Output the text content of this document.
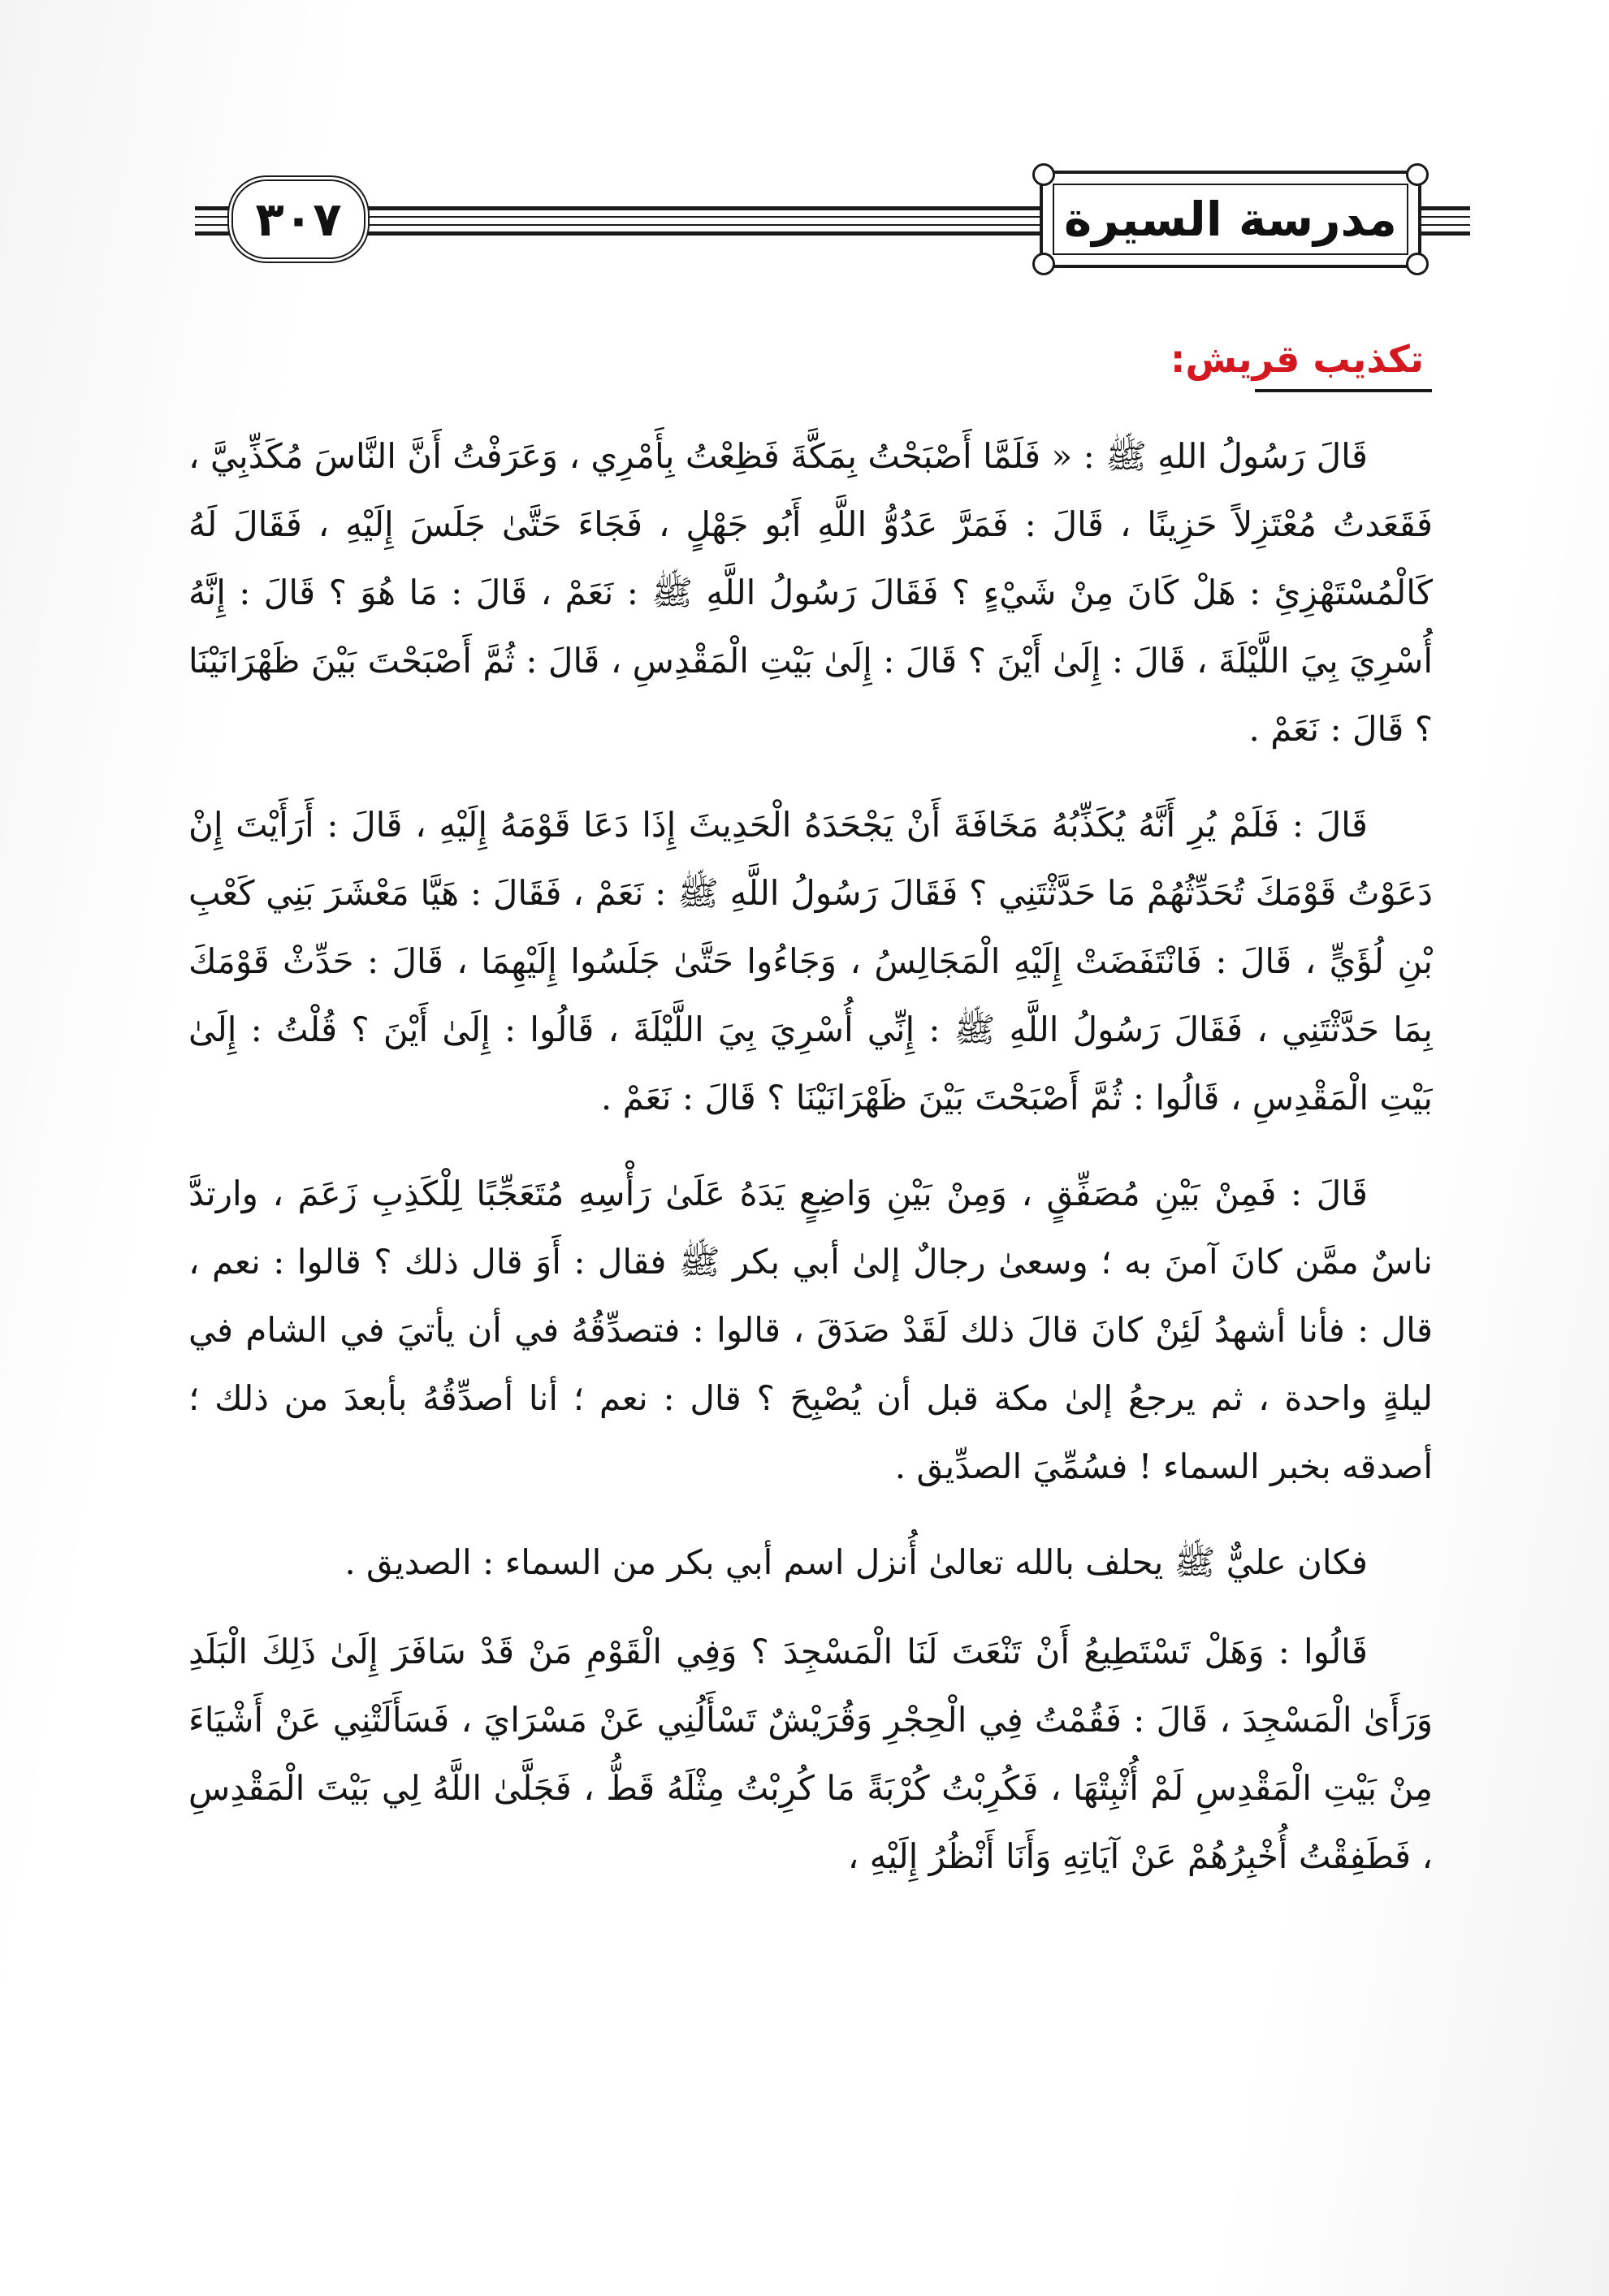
٣٠٧	مدرسة السيرة
تكذيب قريش:

قَالَ رَسُولُ اللهِ ﷺ : « فَلَمَّا أَصْبَحْتُ بِمَكَّةَ فَظِعْتُ بِأَمْرِي ، وَعَرَفْتُ أَنَّ النَّاسَ مُكَذِّبِيَّ ، فَقَعَدتُ مُعْتَزِلاً حَزِينًا ، قَالَ : فَمَرَّ عَدُوُّ اللَّهِ أَبُو جَهْلٍ ، فَجَاءَ حَتَّىٰ جَلَسَ إِلَيْهِ ، فَقَالَ لَهُ كَالْمُسْتَهْزِئِ : هَلْ كَانَ مِنْ شَيْءٍ ؟ فَقَالَ رَسُولُ اللَّهِ ﷺ : نَعَمْ ، قَالَ : مَا هُوَ ؟ قَالَ : إِنَّهُ أُسْرِيَ بِيَ اللَّيْلَةَ ، قَالَ : إِلَىٰ أَيْنَ ؟ قَالَ : إِلَىٰ بَيْتِ الْمَقْدِسِ ، قَالَ : ثُمَّ أَصْبَحْتَ بَيْنَ ظَهْرَانَيْنَا ؟ قَالَ : نَعَمْ .

قَالَ : فَلَمْ يُرِ أَنَّهُ يُكَذِّبُهُ مَخَافَةَ أَنْ يَجْحَدَهُ الْحَدِيثَ إِذَا دَعَا قَوْمَهُ إِلَيْهِ ، قَالَ : أَرَأَيْتَ إِنْ دَعَوْتُ قَوْمَكَ تُحَدِّثُهُمْ مَا حَدَّثْتَنِي ؟ فَقَالَ رَسُولُ اللَّهِ ﷺ : نَعَمْ ، فَقَالَ : هَيَّا مَعْشَرَ بَنِي كَعْبِ بْنِ لُؤَيٍّ ، قَالَ : فَانْتَفَضَتْ إِلَيْهِ الْمَجَالِسُ ، وَجَاءُوا حَتَّىٰ جَلَسُوا إِلَيْهِمَا ، قَالَ : حَدِّثْ قَوْمَكَ بِمَا حَدَّثْتَنِي ، فَقَالَ رَسُولُ اللَّهِ ﷺ : إِنِّي أُسْرِيَ بِيَ اللَّيْلَةَ ، قَالُوا : إِلَىٰ أَيْنَ ؟ قُلْتُ : إِلَىٰ بَيْتِ الْمَقْدِسِ ، قَالُوا : ثُمَّ أَصْبَحْتَ بَيْنَ ظَهْرَانَيْنَا ؟ قَالَ : نَعَمْ .

قَالَ : فَمِنْ بَيْنِ مُصَفِّقٍ ، وَمِنْ بَيْنِ وَاضِعٍ يَدَهُ عَلَىٰ رَأْسِهِ مُتَعَجِّبًا لِلْكَذِبِ زَعَمَ ، وارتدَّ ناسٌ ممَّن كانَ آمنَ به ؛ وسعىٰ رجالٌ إلىٰ أبي بكر ﷺ فقال : أَوَ قال ذلك ؟ قالوا : نعم ، قال : فأنا أشهدُ لَئِنْ كانَ قالَ ذلك لَقَدْ صَدَقَ ، قالوا : فتصدِّقُهُ في أن يأتيَ في الشام في ليلةٍ واحدة ، ثم يرجعُ إلىٰ مكة قبل أن يُصْبِحَ ؟ قال : نعم ؛ أنا أصدِّقُهُ بأبعدَ من ذلك ؛ أصدقه بخبر السماء ! فسُمِّيَ الصدِّيق .

فكان عليٌّ ﷺ يحلف بالله تعالىٰ أُنزل اسم أبي بكر من السماء : الصديق .

قَالُوا : وَهَلْ تَسْتَطِيعُ أَنْ تَنْعَتَ لَنَا الْمَسْجِدَ ؟ وَفِي الْقَوْمِ مَنْ قَدْ سَافَرَ إِلَىٰ ذَلِكَ الْبَلَدِ وَرَأَىٰ الْمَسْجِدَ ، قَالَ : فَقُمْتُ فِي الْحِجْرِ وَقُرَيْشٌ تَسْأَلُنِي عَنْ مَسْرَايَ ، فَسَأَلَتْنِي عَنْ أَشْيَاءَ مِنْ بَيْتِ الْمَقْدِسِ لَمْ أُثْبِتْهَا ، فَكُرِبْتُ كُرْبَةً مَا كُرِبْتُ مِثْلَهُ قَطُّ ، فَجَلَّىٰ اللَّهُ لِي بَيْتَ الْمَقْدِسِ ، فَطَفِقْتُ أُخْبِرُهُمْ عَنْ آيَاتِهِ وَأَنَا أَنْظُرُ إِلَيْهِ ،
